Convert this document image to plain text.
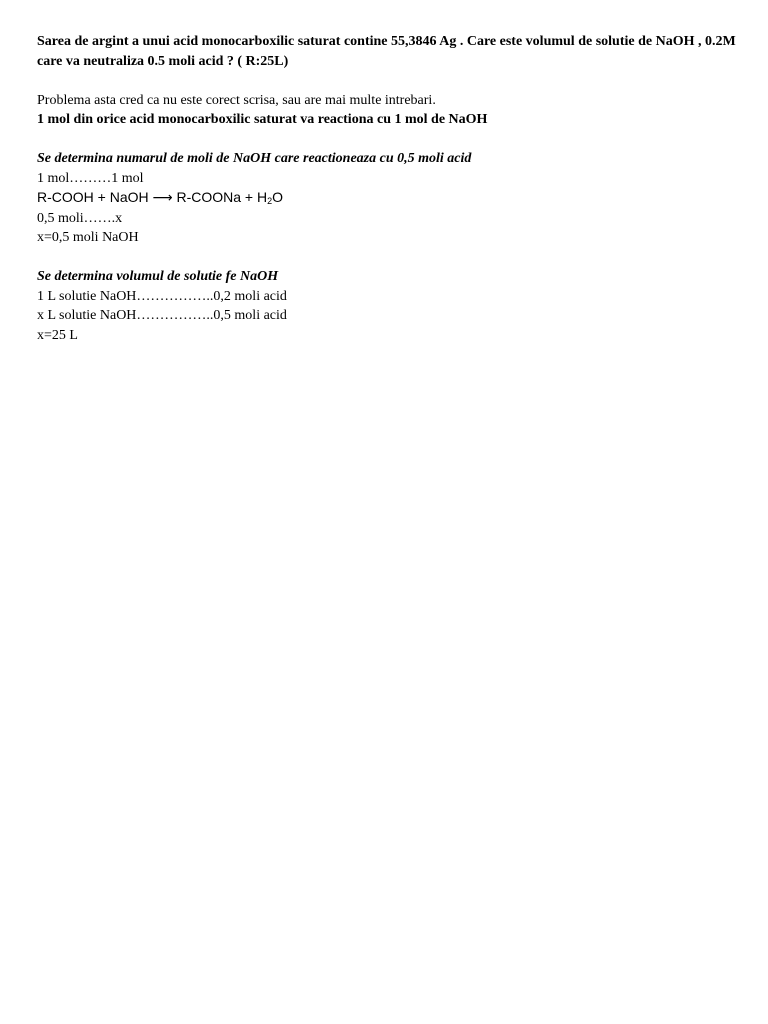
Sarea de argint a unui acid monocarboxilic saturat contine 55,3846 Ag . Care este volumul de solutie de NaOH , 0.2M care va neutraliza 0.5 moli acid ? ( R:25L)
Problema asta cred ca nu este corect scrisa, sau are mai multe intrebari.
1 mol din orice acid monocarboxilic saturat va reactiona cu 1 mol de NaOH
Se determina numarul de moli de NaOH care reactioneaza cu 0,5 moli acid
1 mol………1 mol
R-COOH + NaOH ⟶ R-COONa + $H_2O$
0,5 moli…….x
x=0,5 moli NaOH
Se determina volumul de solutie fe NaOH
1 L solutie NaOH……………..0,2 moli acid
x L solutie NaOH……………..0,5 moli acid
x=25 L
